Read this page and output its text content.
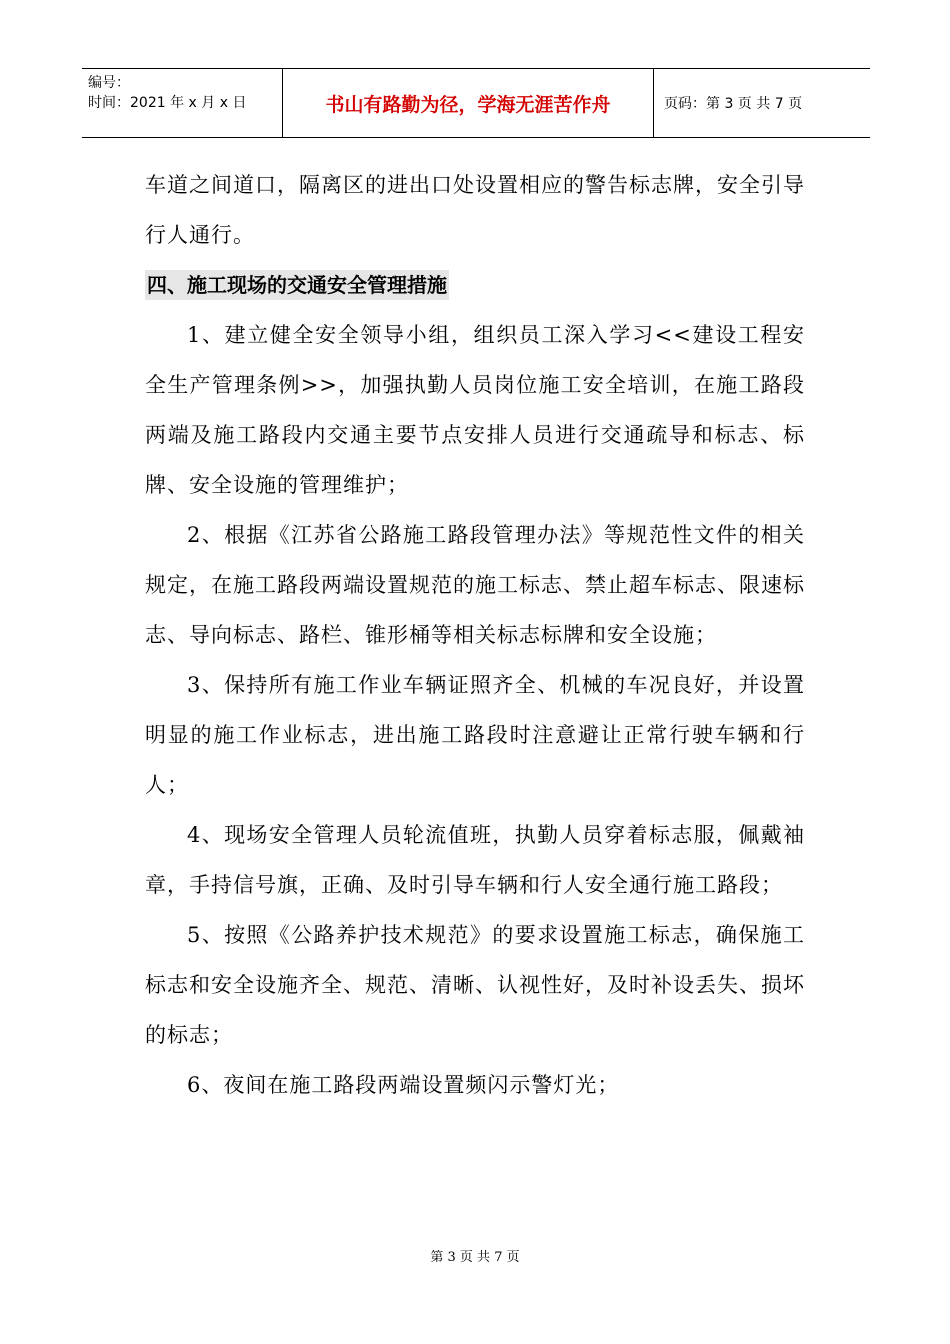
编号：
时间：2021 年 x 月 x 日	书山有路勤为径，学海无涯苦作舟	页码：第 3 页 共 7 页

车道之间道口，隔离区的进出口处设置相应的警告标志牌，安全引导行人通行。

四、施工现场的交通安全管理措施

1、建立健全安全领导小组，组织员工深入学习<<建设工程安全生产管理条例>>，加强执勤人员岗位施工安全培训，在施工路段两端及施工路段内交通主要节点安排人员进行交通疏导和标志、标牌、安全设施的管理维护；

2、根据《江苏省公路施工路段管理办法》等规范性文件的相关规定，在施工路段两端设置规范的施工标志、禁止超车标志、限速标志、导向标志、路栏、锥形桶等相关标志标牌和安全设施；

3、保持所有施工作业车辆证照齐全、机械的车况良好，并设置明显的施工作业标志，进出施工路段时注意避让正常行驶车辆和行人；

4、现场安全管理人员轮流值班，执勤人员穿着标志服，佩戴袖章，手持信号旗，正确、及时引导车辆和行人安全通行施工路段；

5、按照《公路养护技术规范》的要求设置施工标志，确保施工标志和安全设施齐全、规范、清晰、认视性好，及时补设丢失、损坏的标志；

6、夜间在施工路段两端设置频闪示警灯光；

第 3 页 共 7 页
